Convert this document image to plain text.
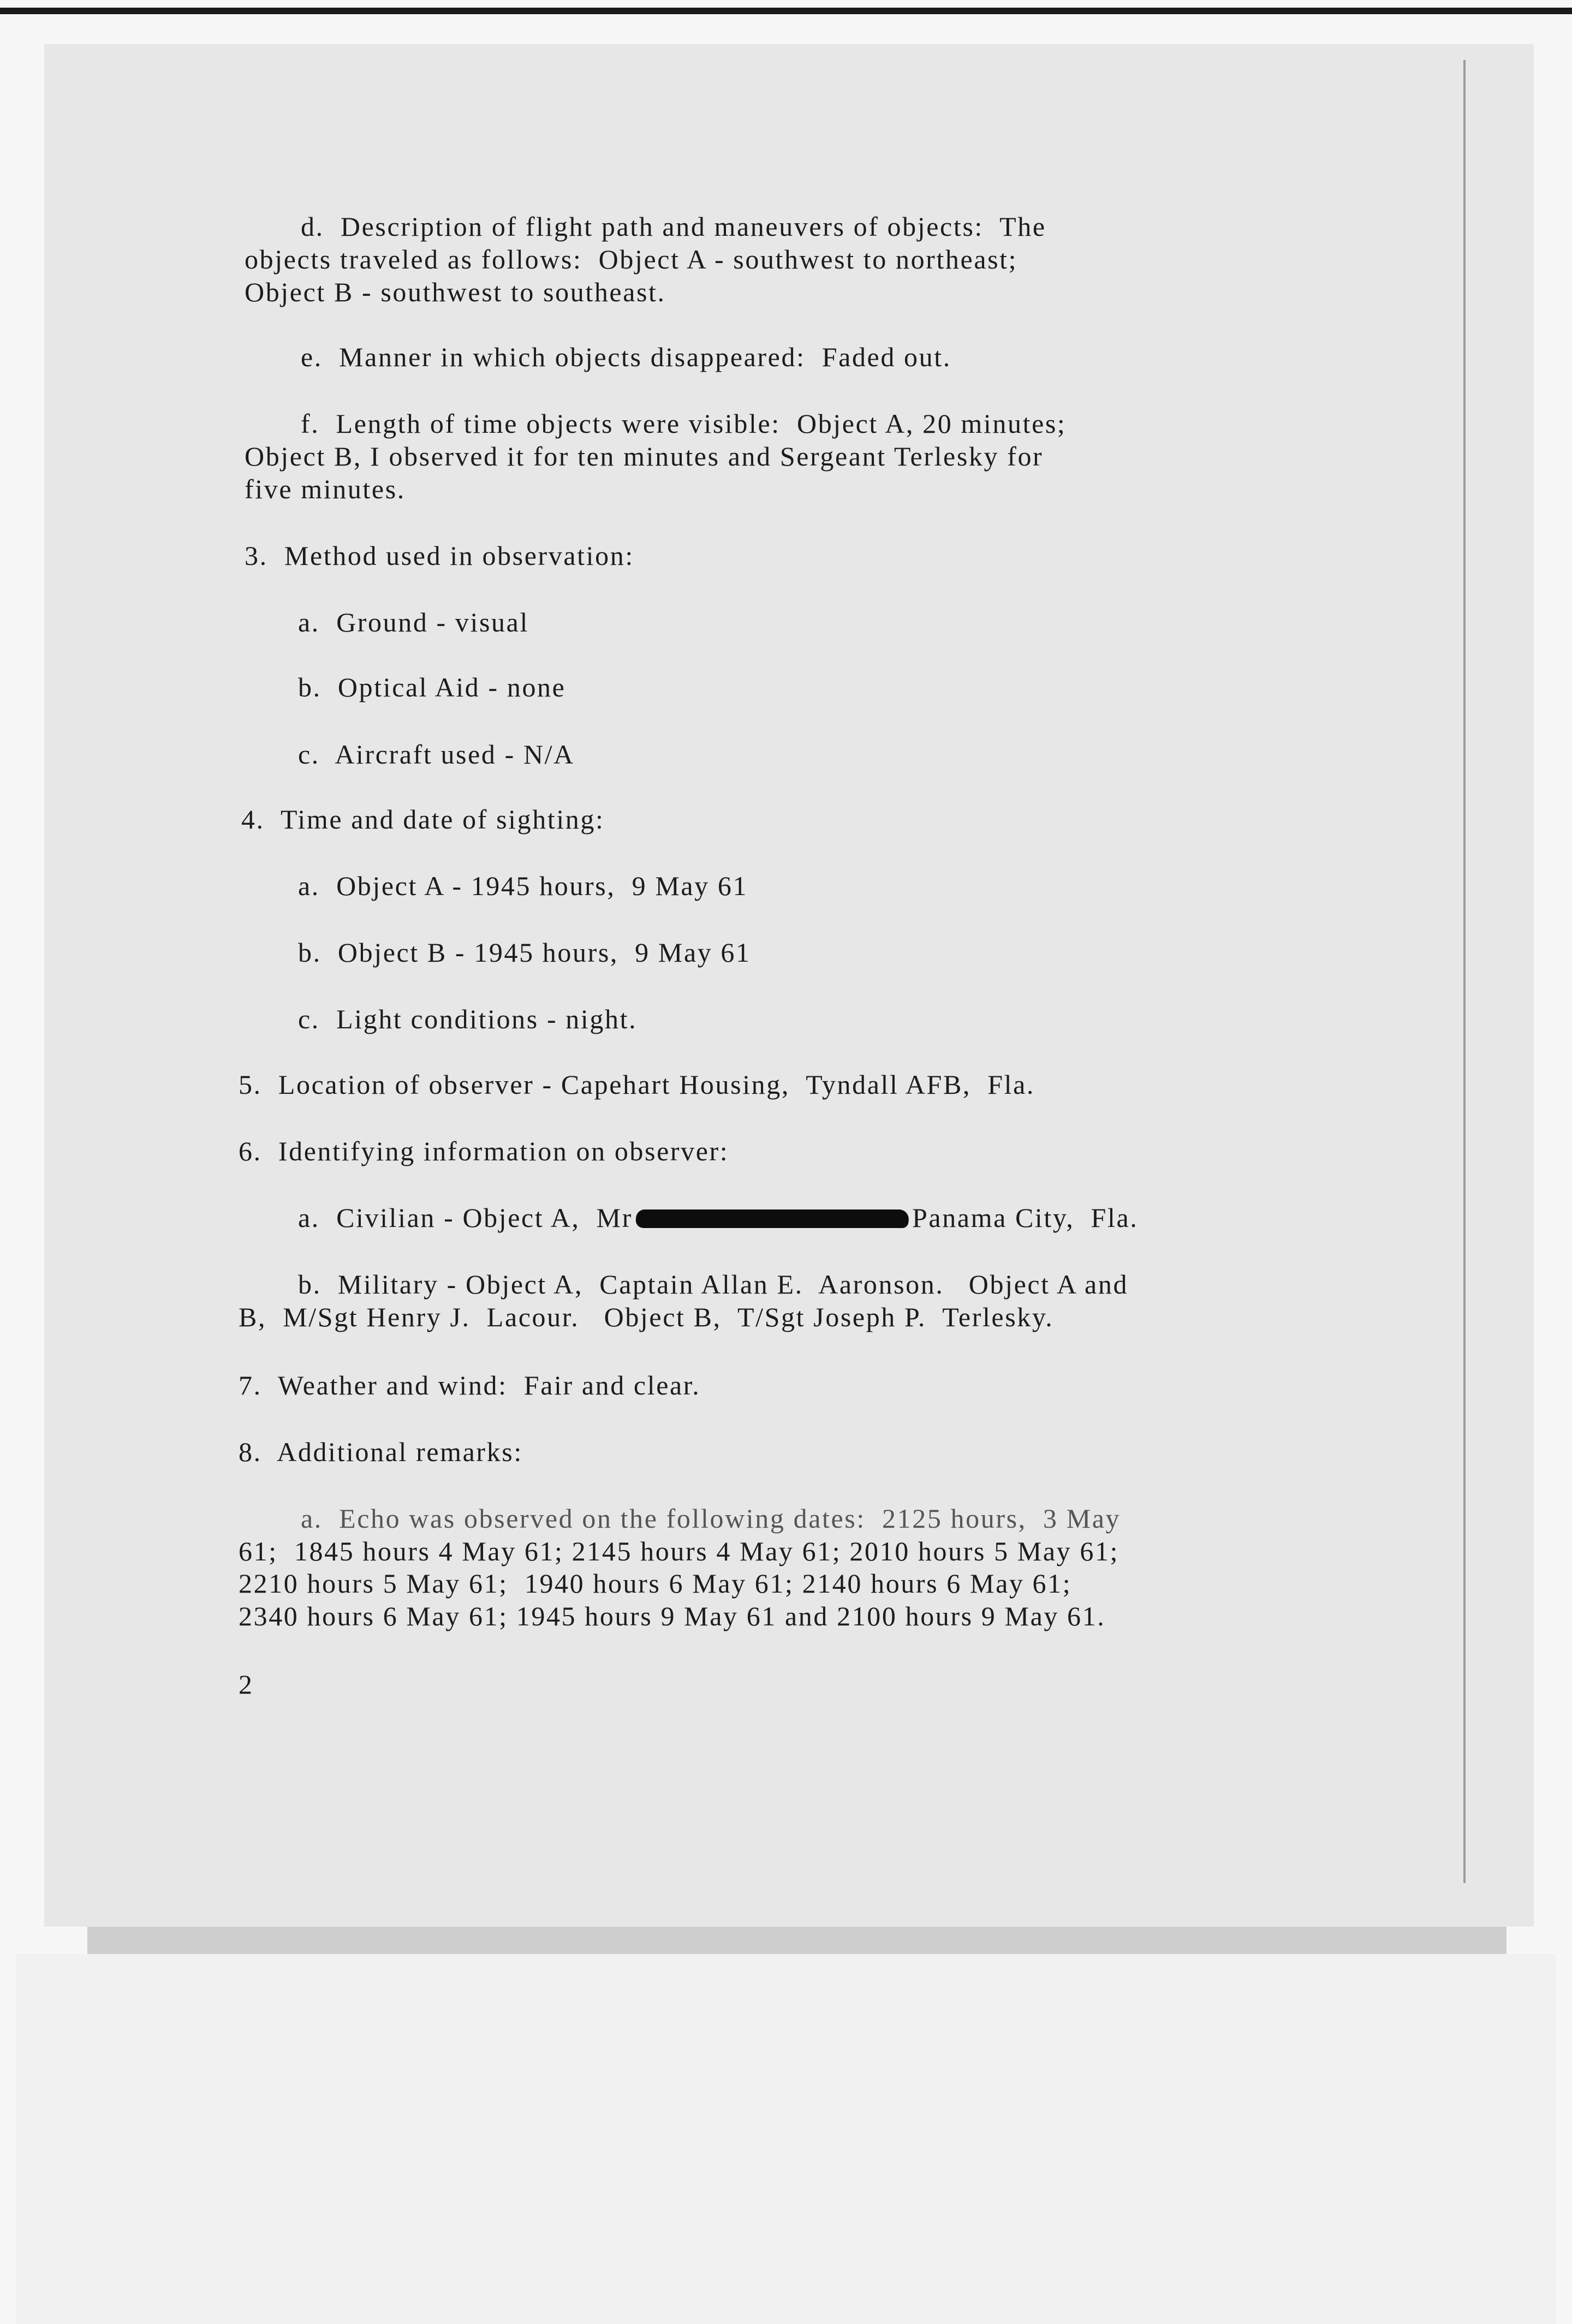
d.  Description of flight path and maneuvers of objects:  The
objects traveled as follows:  Object A - southwest to northeast;
Object B - southwest to southeast.
e.  Manner in which objects disappeared:  Faded out.
f.  Length of time objects were visible:  Object A, 20 minutes;
Object B, I observed it for ten minutes and Sergeant Terlesky for
five minutes.
3.  Method used in observation:
a.  Ground - visual
b.  Optical Aid - none
c.  Aircraft used - N/A
4.  Time and date of sighting:
a.  Object A - 1945 hours,  9 May 61
b.  Object B - 1945 hours,  9 May 61
c.  Light conditions - night.
5.  Location of observer - Capehart Housing,  Tyndall AFB,  Fla.
6.  Identifying information on observer:
a.  Civilian - Object A,  Mr	Panama City,  Fla.
b.  Military - Object A,  Captain Allan E.  Aaronson.   Object A and
B,  M/Sgt Henry J.  Lacour.   Object B,  T/Sgt Joseph P.  Terlesky.
7.  Weather and wind:  Fair and clear.
8.  Additional remarks:
a.  Echo was observed on the following dates:  2125 hours,  3 May
61;  1845 hours 4 May 61; 2145 hours 4 May 61; 2010 hours 5 May 61;
2210 hours 5 May 61;  1940 hours 6 May 61; 2140 hours 6 May 61;
2340 hours 6 May 61; 1945 hours 9 May 61 and 2100 hours 9 May 61.
2
